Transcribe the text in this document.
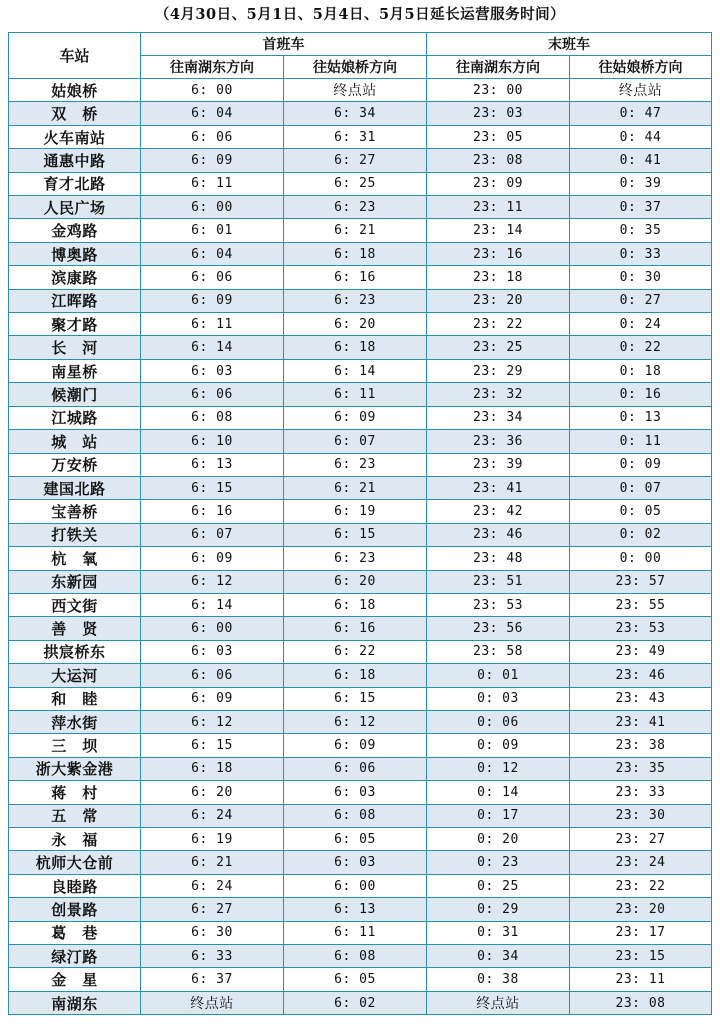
（4月30日、5月1日、5月4日、5月5日延长运营服务时间）
车站	首班车		末班车	
	往南湖东方向	往姑娘桥方向	往南湖东方向	往姑娘桥方向
姑娘桥	6: 00	终点站	23: 00	终点站
双　桥	6: 04	6: 34	23: 03	0: 47
火车南站	6: 06	6: 31	23: 05	0: 44
通惠中路	6: 09	6: 27	23: 08	0: 41
育才北路	6: 11	6: 25	23: 09	0: 39
人民广场	6: 00	6: 23	23: 11	0: 37
金鸡路	6: 01	6: 21	23: 14	0: 35
博奥路	6: 04	6: 18	23: 16	0: 33
滨康路	6: 06	6: 16	23: 18	0: 30
江晖路	6: 09	6: 23	23: 20	0: 27
聚才路	6: 11	6: 20	23: 22	0: 24
长　河	6: 14	6: 18	23: 25	0: 22
南星桥	6: 03	6: 14	23: 29	0: 18
候潮门	6: 06	6: 11	23: 32	0: 16
江城路	6: 08	6: 09	23: 34	0: 13
城　站	6: 10	6: 07	23: 36	0: 11
万安桥	6: 13	6: 23	23: 39	0: 09
建国北路	6: 15	6: 21	23: 41	0: 07
宝善桥	6: 16	6: 19	23: 42	0: 05
打铁关	6: 07	6: 15	23: 46	0: 02
杭　氧	6: 09	6: 23	23: 48	0: 00
东新园	6: 12	6: 20	23: 51	23: 57
西文街	6: 14	6: 18	23: 53	23: 55
善　贤	6: 00	6: 16	23: 56	23: 53
拱宸桥东	6: 03	6: 22	23: 58	23: 49
大运河	6: 06	6: 18	0: 01	23: 46
和　睦	6: 09	6: 15	0: 03	23: 43
萍水街	6: 12	6: 12	0: 06	23: 41
三　坝	6: 15	6: 09	0: 09	23: 38
浙大紫金港	6: 18	6: 06	0: 12	23: 35
蒋　村	6: 20	6: 03	0: 14	23: 33
五　常	6: 24	6: 08	0: 17	23: 30
永　福	6: 19	6: 05	0: 20	23: 27
杭师大仓前	6: 21	6: 03	0: 23	23: 24
良睦路	6: 24	6: 00	0: 25	23: 22
创景路	6: 27	6: 13	0: 29	23: 20
葛　巷	6: 30	6: 11	0: 31	23: 17
绿汀路	6: 33	6: 08	0: 34	23: 15
金　星	6: 37	6: 05	0: 38	23: 11
南湖东	终点站	6: 02	终点站	23: 08
